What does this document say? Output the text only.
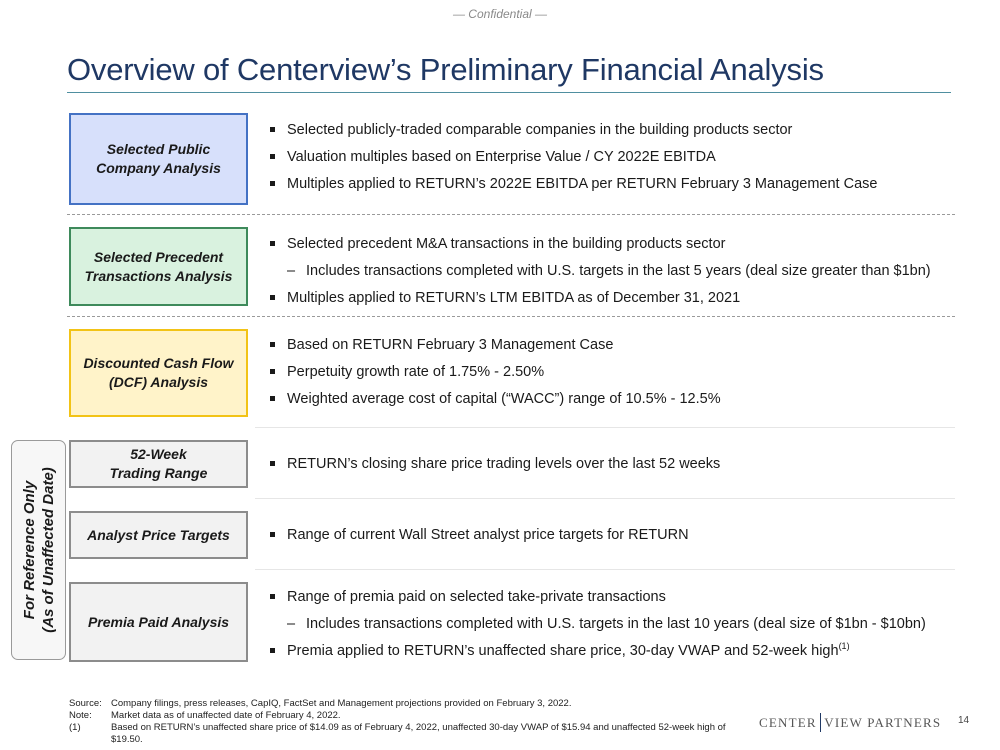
— Confidential —
Overview of Centerview’s Preliminary Financial Analysis
Selected Public
Company Analysis
Selected publicly-traded comparable companies in the building products sector
Valuation multiples based on Enterprise Value / CY 2022E EBITDA
Multiples applied to RETURN’s 2022E EBITDA per RETURN February 3 Management Case
Selected Precedent
Transactions Analysis
Selected precedent M&A transactions in the building products sector
– Includes transactions completed with U.S. targets in the last 5 years (deal size greater than $1bn)
Multiples applied to RETURN’s LTM EBITDA as of December 31, 2021
Discounted Cash Flow
(DCF) Analysis
Based on RETURN February 3 Management Case
Perpetuity growth rate of 1.75% - 2.50%
Weighted average cost of capital (“WACC”) range of 10.5% - 12.5%
For Reference Only (As of Unaffected Date)
52-Week
Trading Range
RETURN’s closing share price trading levels over the last 52 weeks
Analyst Price Targets	Range of current Wall Street analyst price targets for RETURN
Premia Paid Analysis
Range of premia paid on selected take-private transactions
– Includes transactions completed with U.S. targets in the last 10 years (deal size of $1bn - $10bn)
Premia applied to RETURN’s unaffected share price, 30-day VWAP and 52-week high$^{(1)}$
Source: Company filings, press releases, CapIQ, FactSet and Management projections provided on February 3, 2022.
Note:	Market data as of unaffected date of February 4, 2022.
(1)	Based on RETURN’s unaffected share price of $14.09 as of February 4, 2022, unaffected 30-day VWAP of $15.94 and unaffected 52-week high of $19.50.
CENTER VIEW PARTNERS 14
